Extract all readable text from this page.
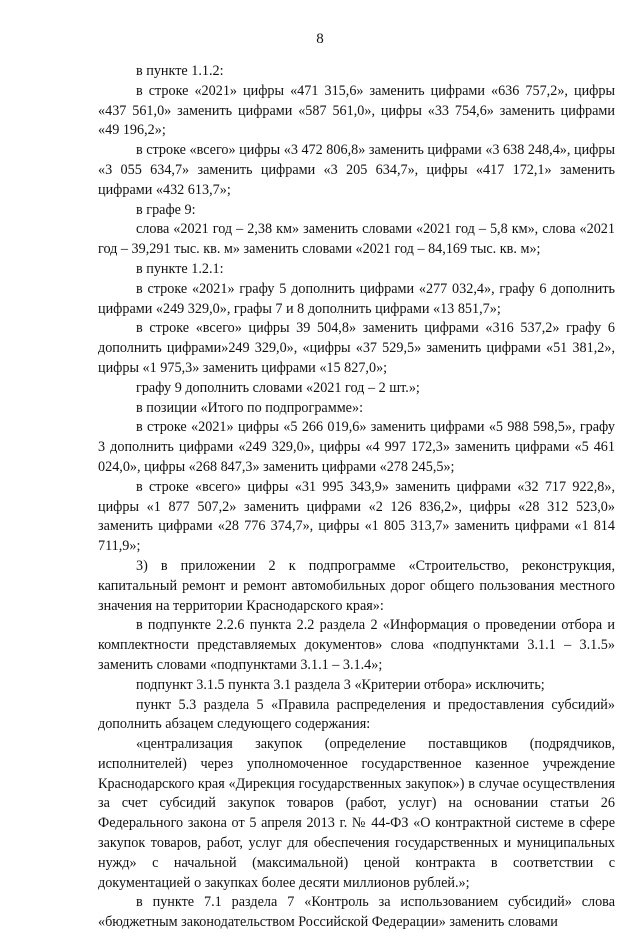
8

в пункте 1.1.2:

в строке «2021» цифры «471 315,6» заменить цифрами «636 757,2», цифры «437 561,0» заменить цифрами «587 561,0», цифры «33 754,6» заменить цифрами «49 196,2»;

в строке «всего» цифры «3 472 806,8» заменить цифрами «3 638 248,4», цифры «3 055 634,7» заменить цифрами «3 205 634,7», цифры «417 172,1» заменить цифрами «432 613,7»;

в графе 9:

слова «2021 год – 2,38 км» заменить словами «2021 год – 5,8 км», слова «2021 год – 39,291 тыс. кв. м» заменить словами «2021 год – 84,169 тыс. кв. м»;

в пункте 1.2.1:

в строке «2021» графу 5 дополнить цифрами «277 032,4», графу 6 дополнить цифрами «249 329,0», графы 7 и 8 дополнить цифрами «13 851,7»;

в строке «всего» цифры 39 504,8» заменить цифрами «316 537,2» графу 6 дополнить цифрами»249 329,0», «цифры «37 529,5» заменить цифрами «51 381,2», цифры «1 975,3» заменить цифрами «15 827,0»;

графу 9 дополнить словами «2021 год – 2 шт.»;

в позиции «Итого по подпрограмме»:

в строке «2021» цифры «5 266 019,6» заменить цифрами «5 988 598,5», графу 3 дополнить цифрами «249 329,0», цифры «4 997 172,3» заменить цифрами «5 461 024,0», цифры «268 847,3» заменить цифрами «278 245,5»;

в строке «всего» цифры «31 995 343,9» заменить цифрами «32 717 922,8», цифры «1 877 507,2» заменить цифрами «2 126 836,2», цифры «28 312 523,0» заменить цифрами «28 776 374,7», цифры «1 805 313,7» заменить цифрами «1 814 711,9»;

3) в приложении 2 к подпрограмме «Строительство, реконструкция, капитальный ремонт и ремонт автомобильных дорог общего пользования местного значения на территории Краснодарского края»:

в подпункте 2.2.6 пункта 2.2 раздела 2 «Информация о проведении отбора и комплектности представляемых документов» слова «подпунктами 3.1.1 – 3.1.5» заменить словами «подпунктами 3.1.1 – 3.1.4»;

подпункт 3.1.5 пункта 3.1 раздела 3 «Критерии отбора» исключить;

пункт 5.3 раздела 5 «Правила распределения и предоставления субсидий» дополнить абзацем следующего содержания:

«централизация закупок (определение поставщиков (подрядчиков, исполнителей) через уполномоченное государственное казенное учреждение Краснодарского края «Дирекция государственных закупок») в случае осуществления за счет субсидий закупок товаров (работ, услуг) на основании статьи 26 Федерального закона от 5 апреля 2013 г. № 44-ФЗ «О контрактной системе в сфере закупок товаров, работ, услуг для обеспечения государственных и муниципальных нужд» с начальной (максимальной) ценой контракта в соответствии с документацией о закупках более десяти миллионов рублей.»;

в пункте 7.1 раздела 7 «Контроль за использованием субсидий» слова «бюджетным законодательством Российской Федерации» заменить словами
